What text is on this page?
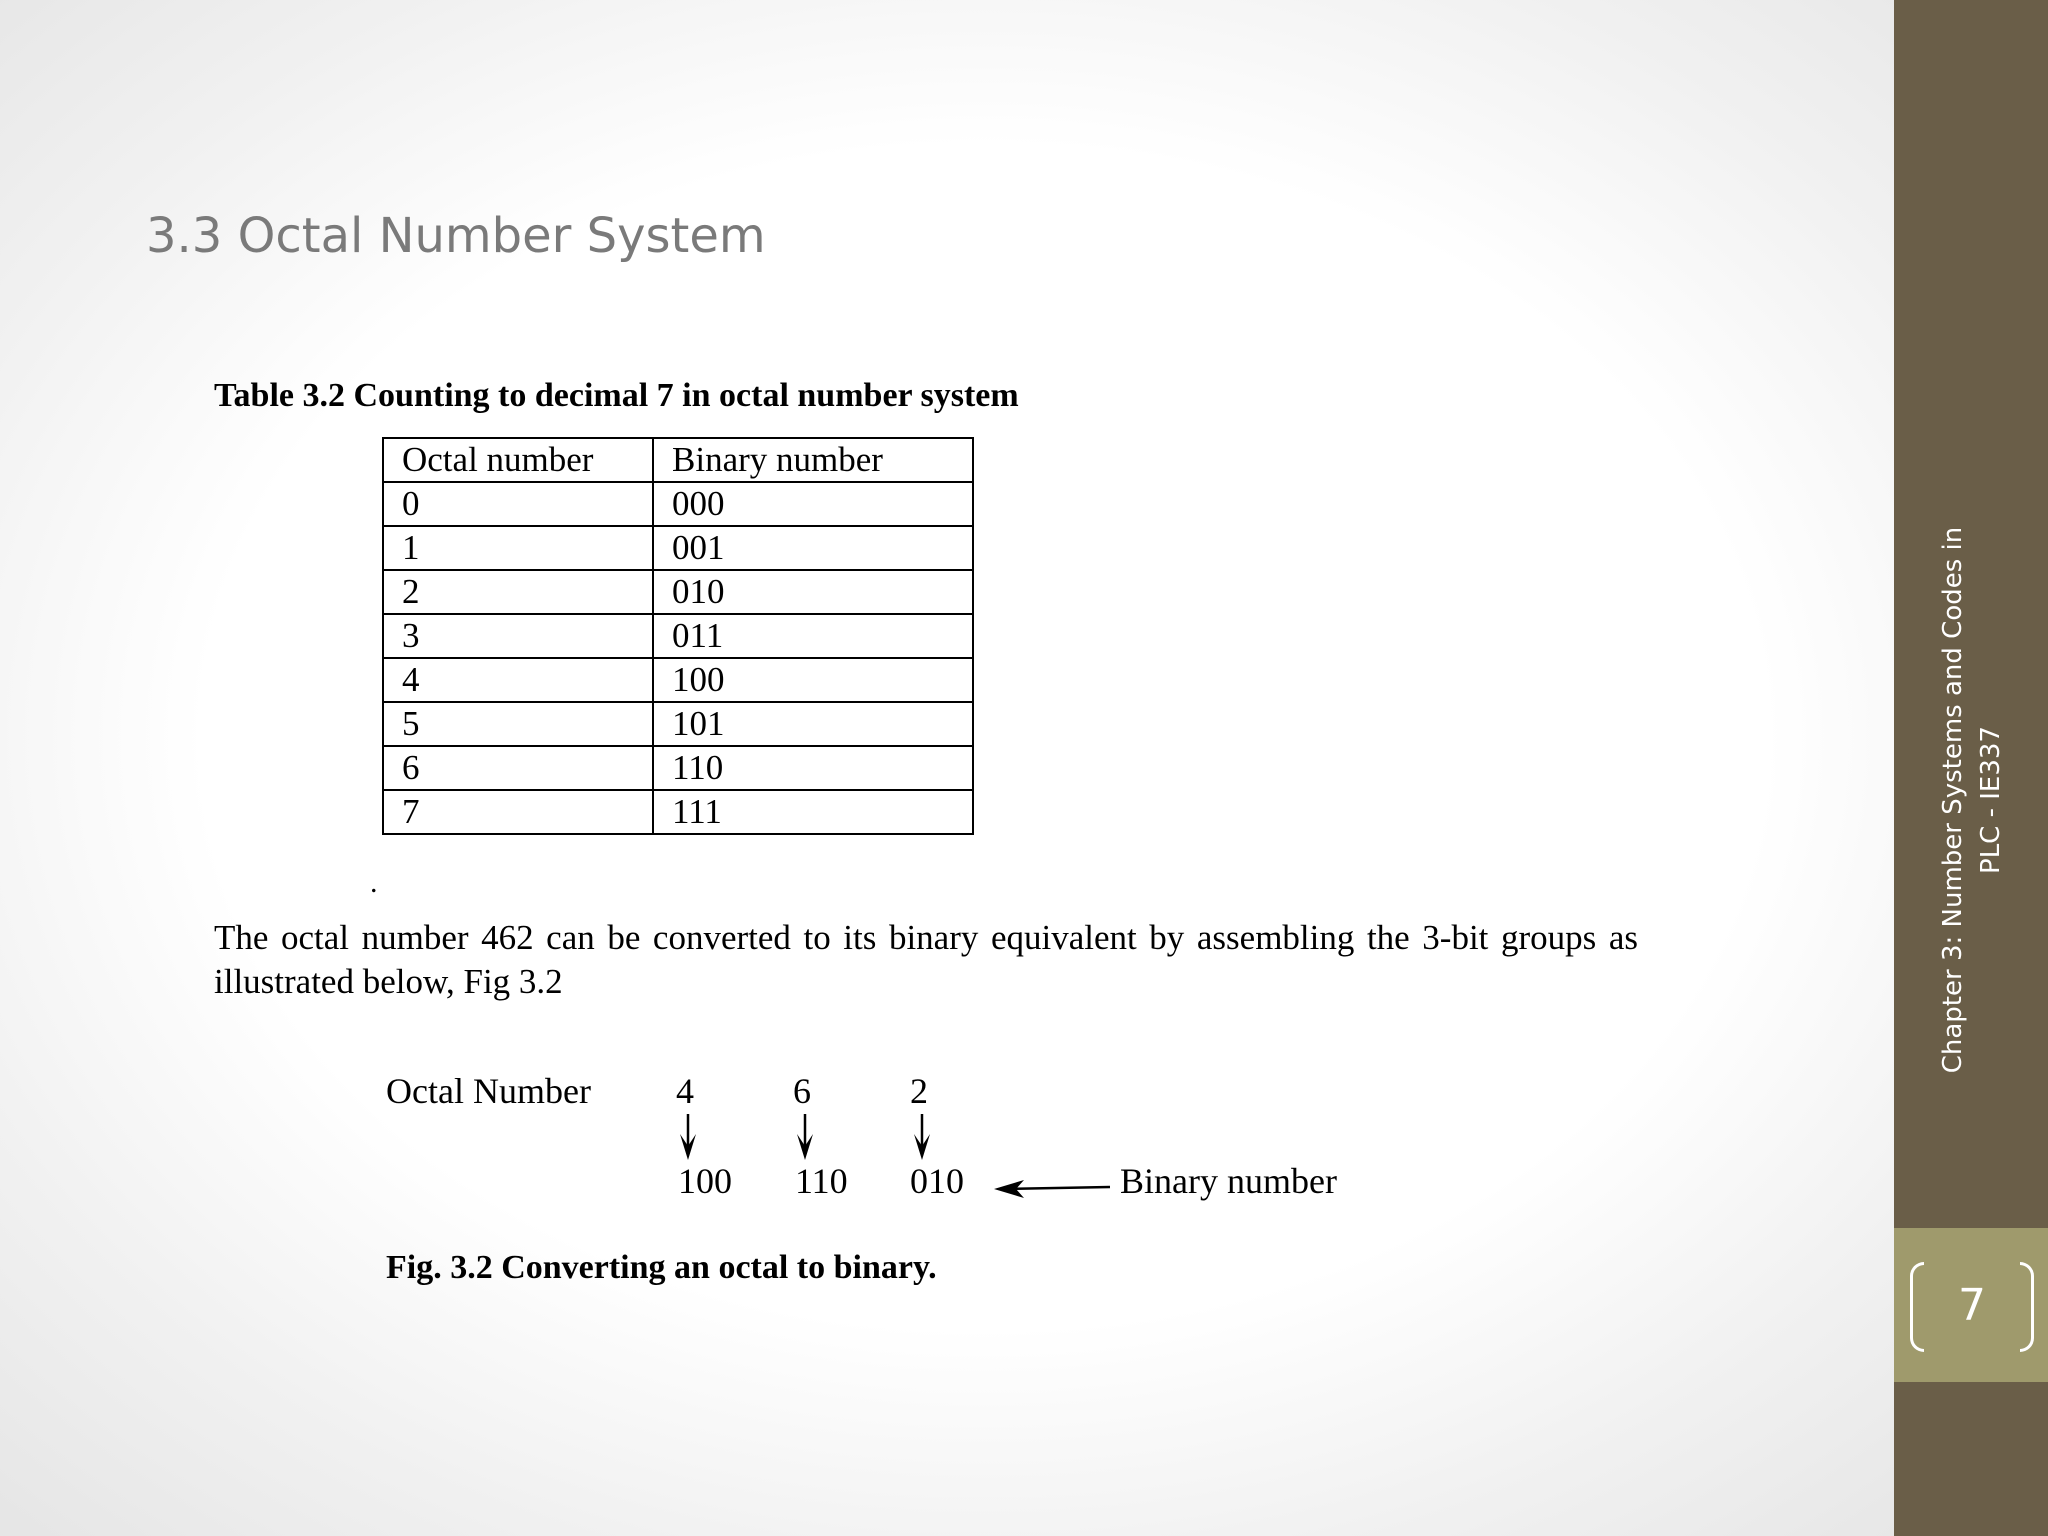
7
Chapter 3: Number Systems and Codes in PLC - IE337
3.3 Octal Number System
Table 3.2 Counting to decimal 7 in octal number system
Octal number	Binary number
0	000
1	001
2	010
3	011
4	100
5	101
6	110
7	111
.

The octal number 462 can be converted to its binary equivalent by assembling the 3-bit groups as illustrated below, Fig 3.2

Octal Number 4	6	2
100 110 010	Binary number
Fig. 3.2 Converting an octal to binary.
